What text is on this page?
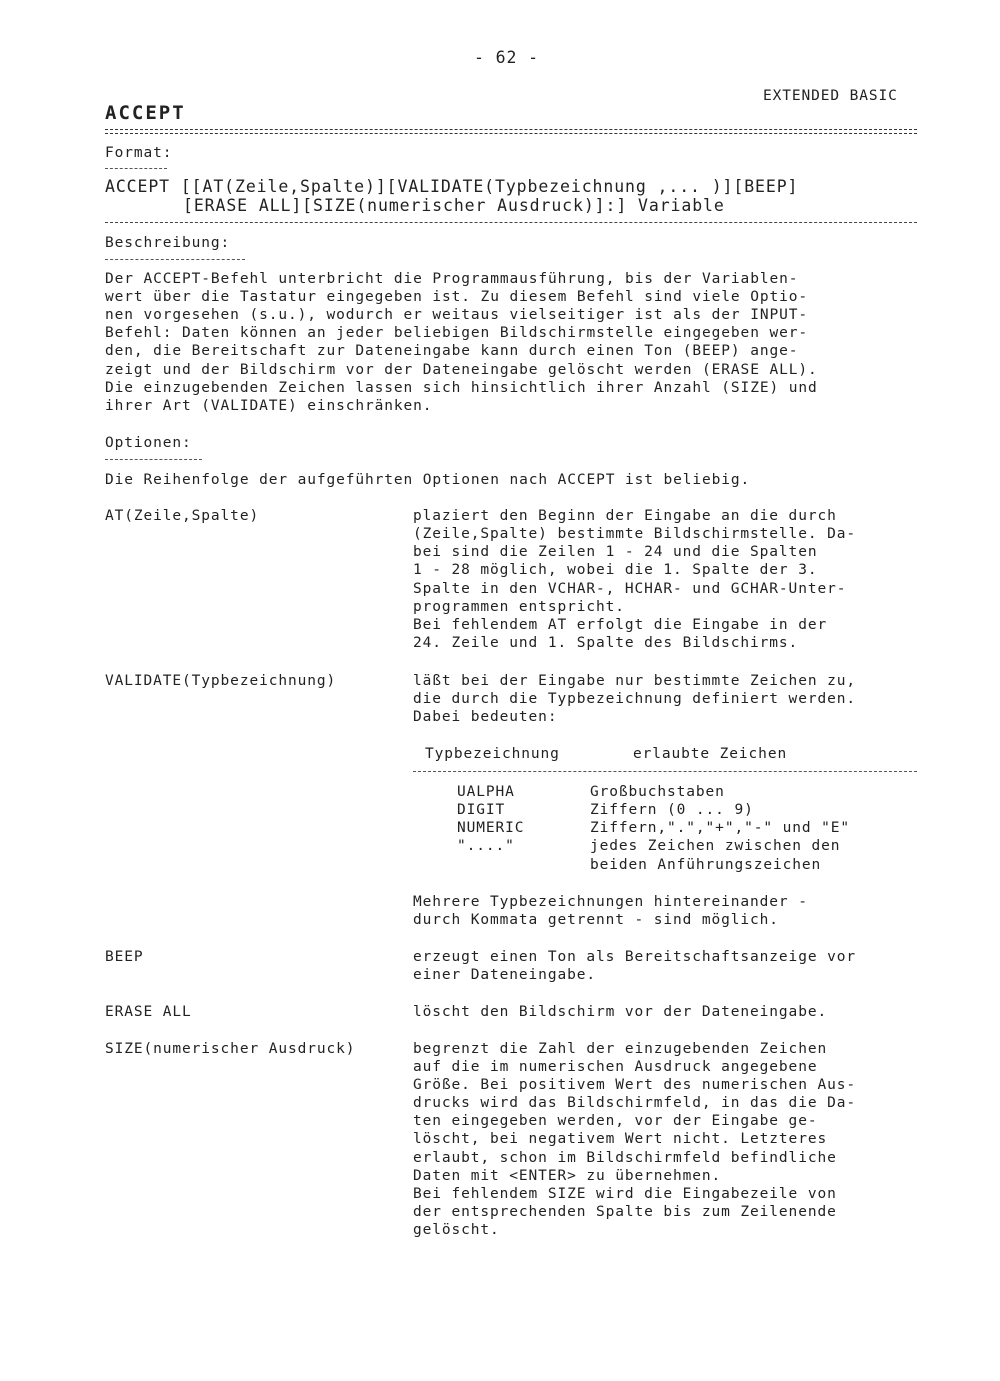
- 62 -
EXTENDED BASIC
ACCEPT
Format:
ACCEPT [[AT(Zeile,Spalte)][VALIDATE(Typbezeichnung ,... )][BEEP]
[ERASE ALL][SIZE(numerischer Ausdruck)]:] Variable
Beschreibung:
Der ACCEPT-Befehl unterbricht die Programmausführung, bis der Variablen-
wert über die Tastatur eingegeben ist. Zu diesem Befehl sind viele Optio-
nen vorgesehen (s.u.), wodurch er weitaus vielseitiger ist als der INPUT-
Befehl: Daten können an jeder beliebigen Bildschirmstelle eingegeben wer-
den, die Bereitschaft zur Dateneingabe kann durch einen Ton (BEEP) ange-
zeigt und der Bildschirm vor der Dateneingabe gelöscht werden (ERASE ALL).
Die einzugebenden Zeichen lassen sich hinsichtlich ihrer Anzahl (SIZE) und
ihrer Art (VALIDATE) einschränken.
Optionen:
Die Reihenfolge der aufgeführten Optionen nach ACCEPT ist beliebig.
AT(Zeile,Spalte)	plaziert den Beginn der Eingabe an die durch
(Zeile,Spalte) bestimmte Bildschirmstelle. Da-
bei sind die Zeilen 1 - 24 und die Spalten
1 - 28 möglich, wobei die 1. Spalte der 3.
Spalte in den VCHAR-, HCHAR- und GCHAR-Unter-
programmen entspricht.
Bei fehlendem AT erfolgt die Eingabe in der
24. Zeile und 1. Spalte des Bildschirms.
VALIDATE(Typbezeichnung)	läßt bei der Eingabe nur bestimmte Zeichen zu,
die durch die Typbezeichnung definiert werden.
Dabei bedeuten:
Typbezeichnung	erlaubte Zeichen
UALPHA	Großbuchstaben
DIGIT	Ziffern (0 ... 9)
NUMERIC	Ziffern,".","+","-" und "E"
"...."	jedes Zeichen zwischen den
beiden Anführungszeichen
Mehrere Typbezeichnungen hintereinander -
durch Kommata getrennt - sind möglich.
BEEP	erzeugt einen Ton als Bereitschaftsanzeige vor
einer Dateneingabe.
ERASE ALL	löscht den Bildschirm vor der Dateneingabe.
SIZE(numerischer Ausdruck)	begrenzt die Zahl der einzugebenden Zeichen
auf die im numerischen Ausdruck angegebene
Größe. Bei positivem Wert des numerischen Aus-
drucks wird das Bildschirmfeld, in das die Da-
ten eingegeben werden, vor der Eingabe ge-
löscht, bei negativem Wert nicht. Letzteres
erlaubt, schon im Bildschirmfeld befindliche
Daten mit <ENTER> zu übernehmen.
Bei fehlendem SIZE wird die Eingabezeile von
der entsprechenden Spalte bis zum Zeilenende
gelöscht.
